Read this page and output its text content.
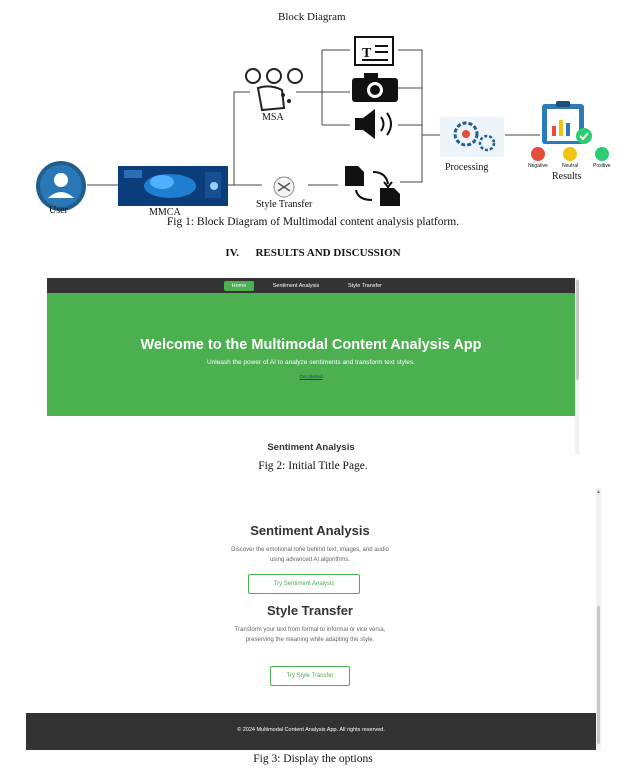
Block Diagram
T
User	MMCA
MSA
Style Transfer
Processing
Results
Negative	Neutral	Positive
Fig 1: Block Diagram of Multimodal content analysis platform.
IV.      RESULTS AND DISCUSSION
Home	Sentiment Analysis	Style Transfer
Welcome to the Multimodal Content Analysis App
Unleash the power of AI to analyze sentiments and transform text styles.
Get Started
Sentiment Analysis
Fig 2: Initial Title Page.
Sentiment Analysis
Discover the emotional tone behind text, images, and audio using advanced AI algorithms.
Try Sentiment Analysis
Style Transfer
Transform your text from formal to informal or vice versa, preserving the meaning while adapting the style.
Try Style Transfer
© 2024 Multimodal Content Analysis App. All rights reserved.
▲
Fig 3: Display the options
